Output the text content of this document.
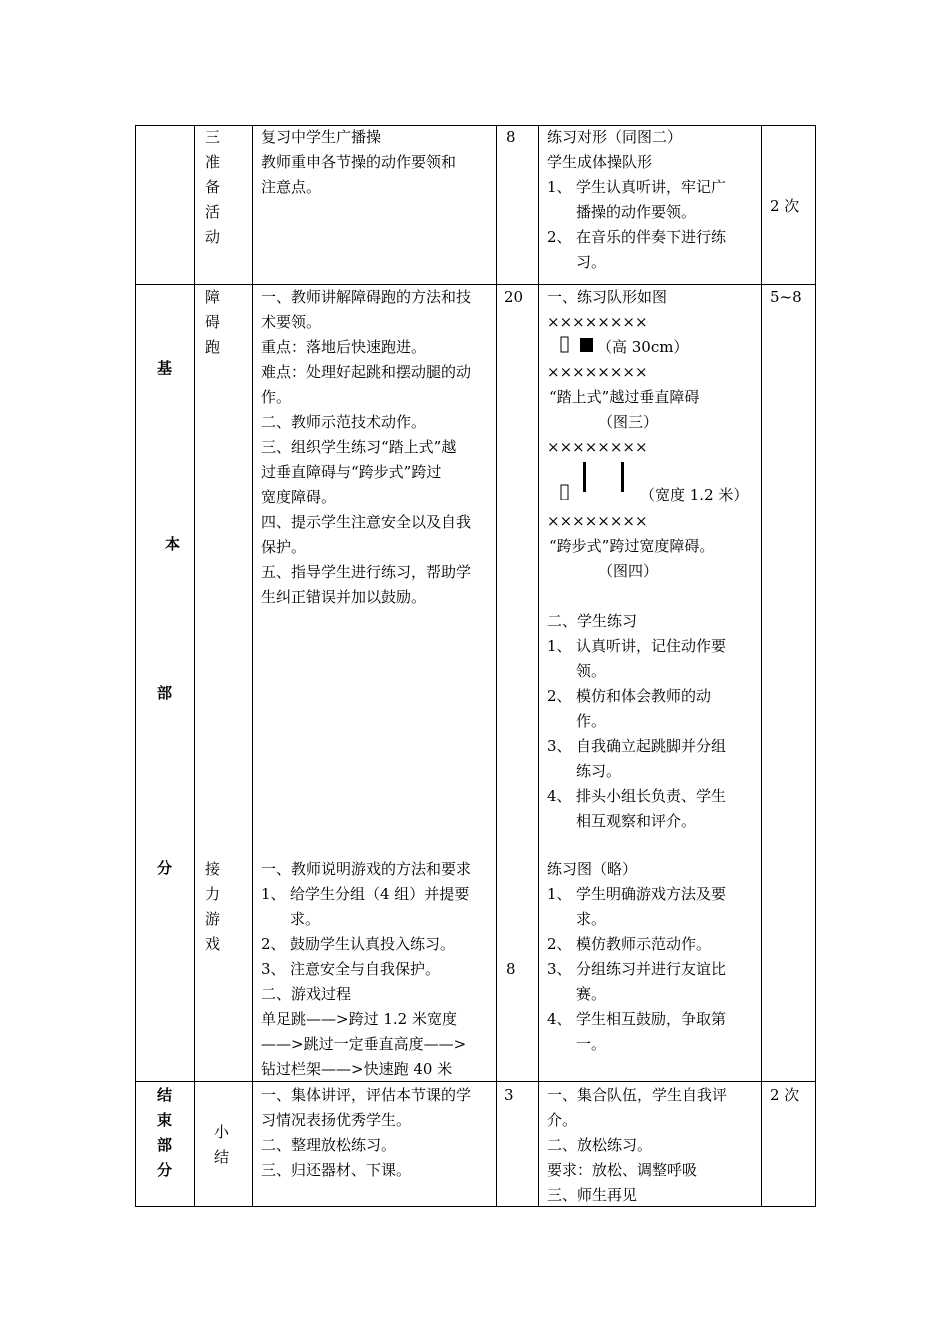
三
准
备
活
动
复习中学生广播操
教师重申各节操的动作要领和
注意点。
8 练习对形（同图二）
学生成体操队形
1、 学生认真听讲，牢记广
播操的动作要领。
2、 在音乐的伴奏下进行练
习。
2 次
基
本
部
分
障
碍
跑
一、教师讲解障碍跑的方法和技
术要领。
重点：落地后快速跑进。
难点：处理好起跳和摆动腿的动
作。
二、教师示范技术动作。
三、组织学生练习“踏上式”越
过垂直障碍与“跨步式”跨过
宽度障碍。
四、提示学生注意安全以及自我
保护。
五、指导学生进行练习，帮助学
生纠正错误并加以鼓励。
20	5~8
一、练习队形如图
××××××××
（高 30cm）
××××××××
“踏上式”越过垂直障碍
（图三）
××××××××
（宽度 1.2 米）
××××××××
“跨步式”跨过宽度障碍。
（图四）
二、学生练习
1、 认真听讲，记住动作要
领。
2、 模仿和体会教师的动
作。
3、 自我确立起跳脚并分组
练习。
4、 排头小组长负责、学生
相互观察和评介。
接
力
游
戏
一、教师说明游戏的方法和要求
1、 给学生分组（4 组）并提要
求。
2、 鼓励学生认真投入练习。
3、 注意安全与自我保护。
二、游戏过程
单足跳——>跨过 1.2 米宽度
——>跳过一定垂直高度——>
钻过栏架——>快速跑 40 米
8
练习图（略）
1、 学生明确游戏方法及要
求。
2、 模仿教师示范动作。
3、 分组练习并进行友谊比
赛。
4、 学生相互鼓励，争取第
一。
结
束
部
分
小
结
一、集体讲评，评估本节课的学
习情况表扬优秀学生。
二、整理放松练习。
三、归还器材、下课。
3 一、集合队伍，学生自我评
介。
二、放松练习。
要求：放松、调整呼吸
三、师生再见
2 次
